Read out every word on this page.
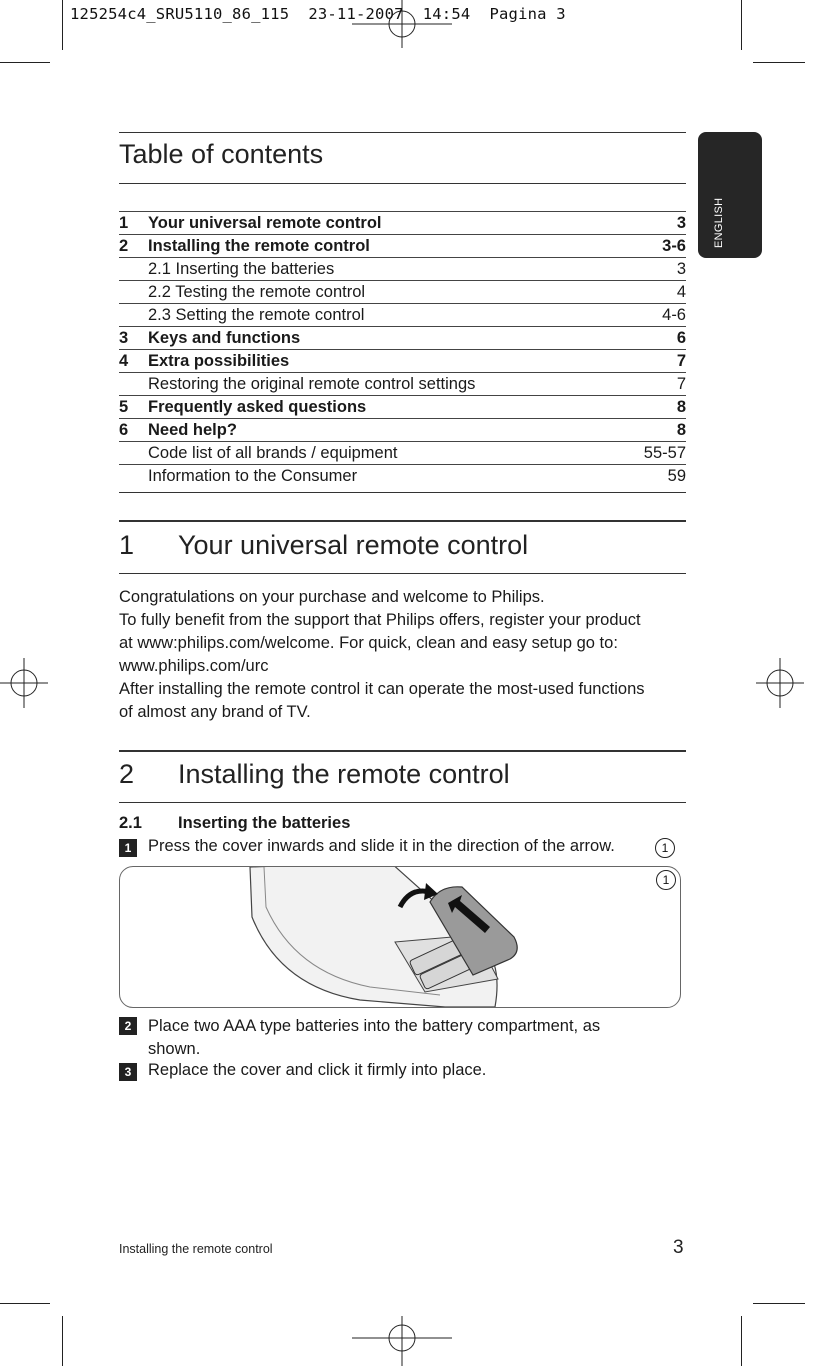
125254c4_SRU5110_86_115 23-11-2007 14:54 Pagina 3
ENGLISH
Table of contents
1 Your universal remote control	3
2 Installing the remote control	3-6
2.1 Inserting the batteries	3
2.2 Testing the remote control	4
2.3 Setting the remote control	4-6
3 Keys and functions	6
4 Extra possibilities	7
Restoring the original remote control settings	7
5 Frequently asked questions	8
6 Need help?	8
Code list of all brands / equipment	55-57
Information to the Consumer	59
1 Your universal remote control
Congratulations on your purchase and welcome to Philips.
To fully benefit from the support that Philips offers, register your product
at www:philips.com/welcome. For quick, clean and easy setup go to:
www.philips.com/urc
After installing the remote control it can operate the most-used functions
of almost any brand of TV.
2 Installing the remote control
2.1 Inserting the batteries
1	Press the cover inwards and slide it in the direction of the arrow.	1
1
2	Place two AAA type batteries into the battery compartment, as
shown.
3	Replace the cover and click it firmly into place.
Installing the remote control	3
